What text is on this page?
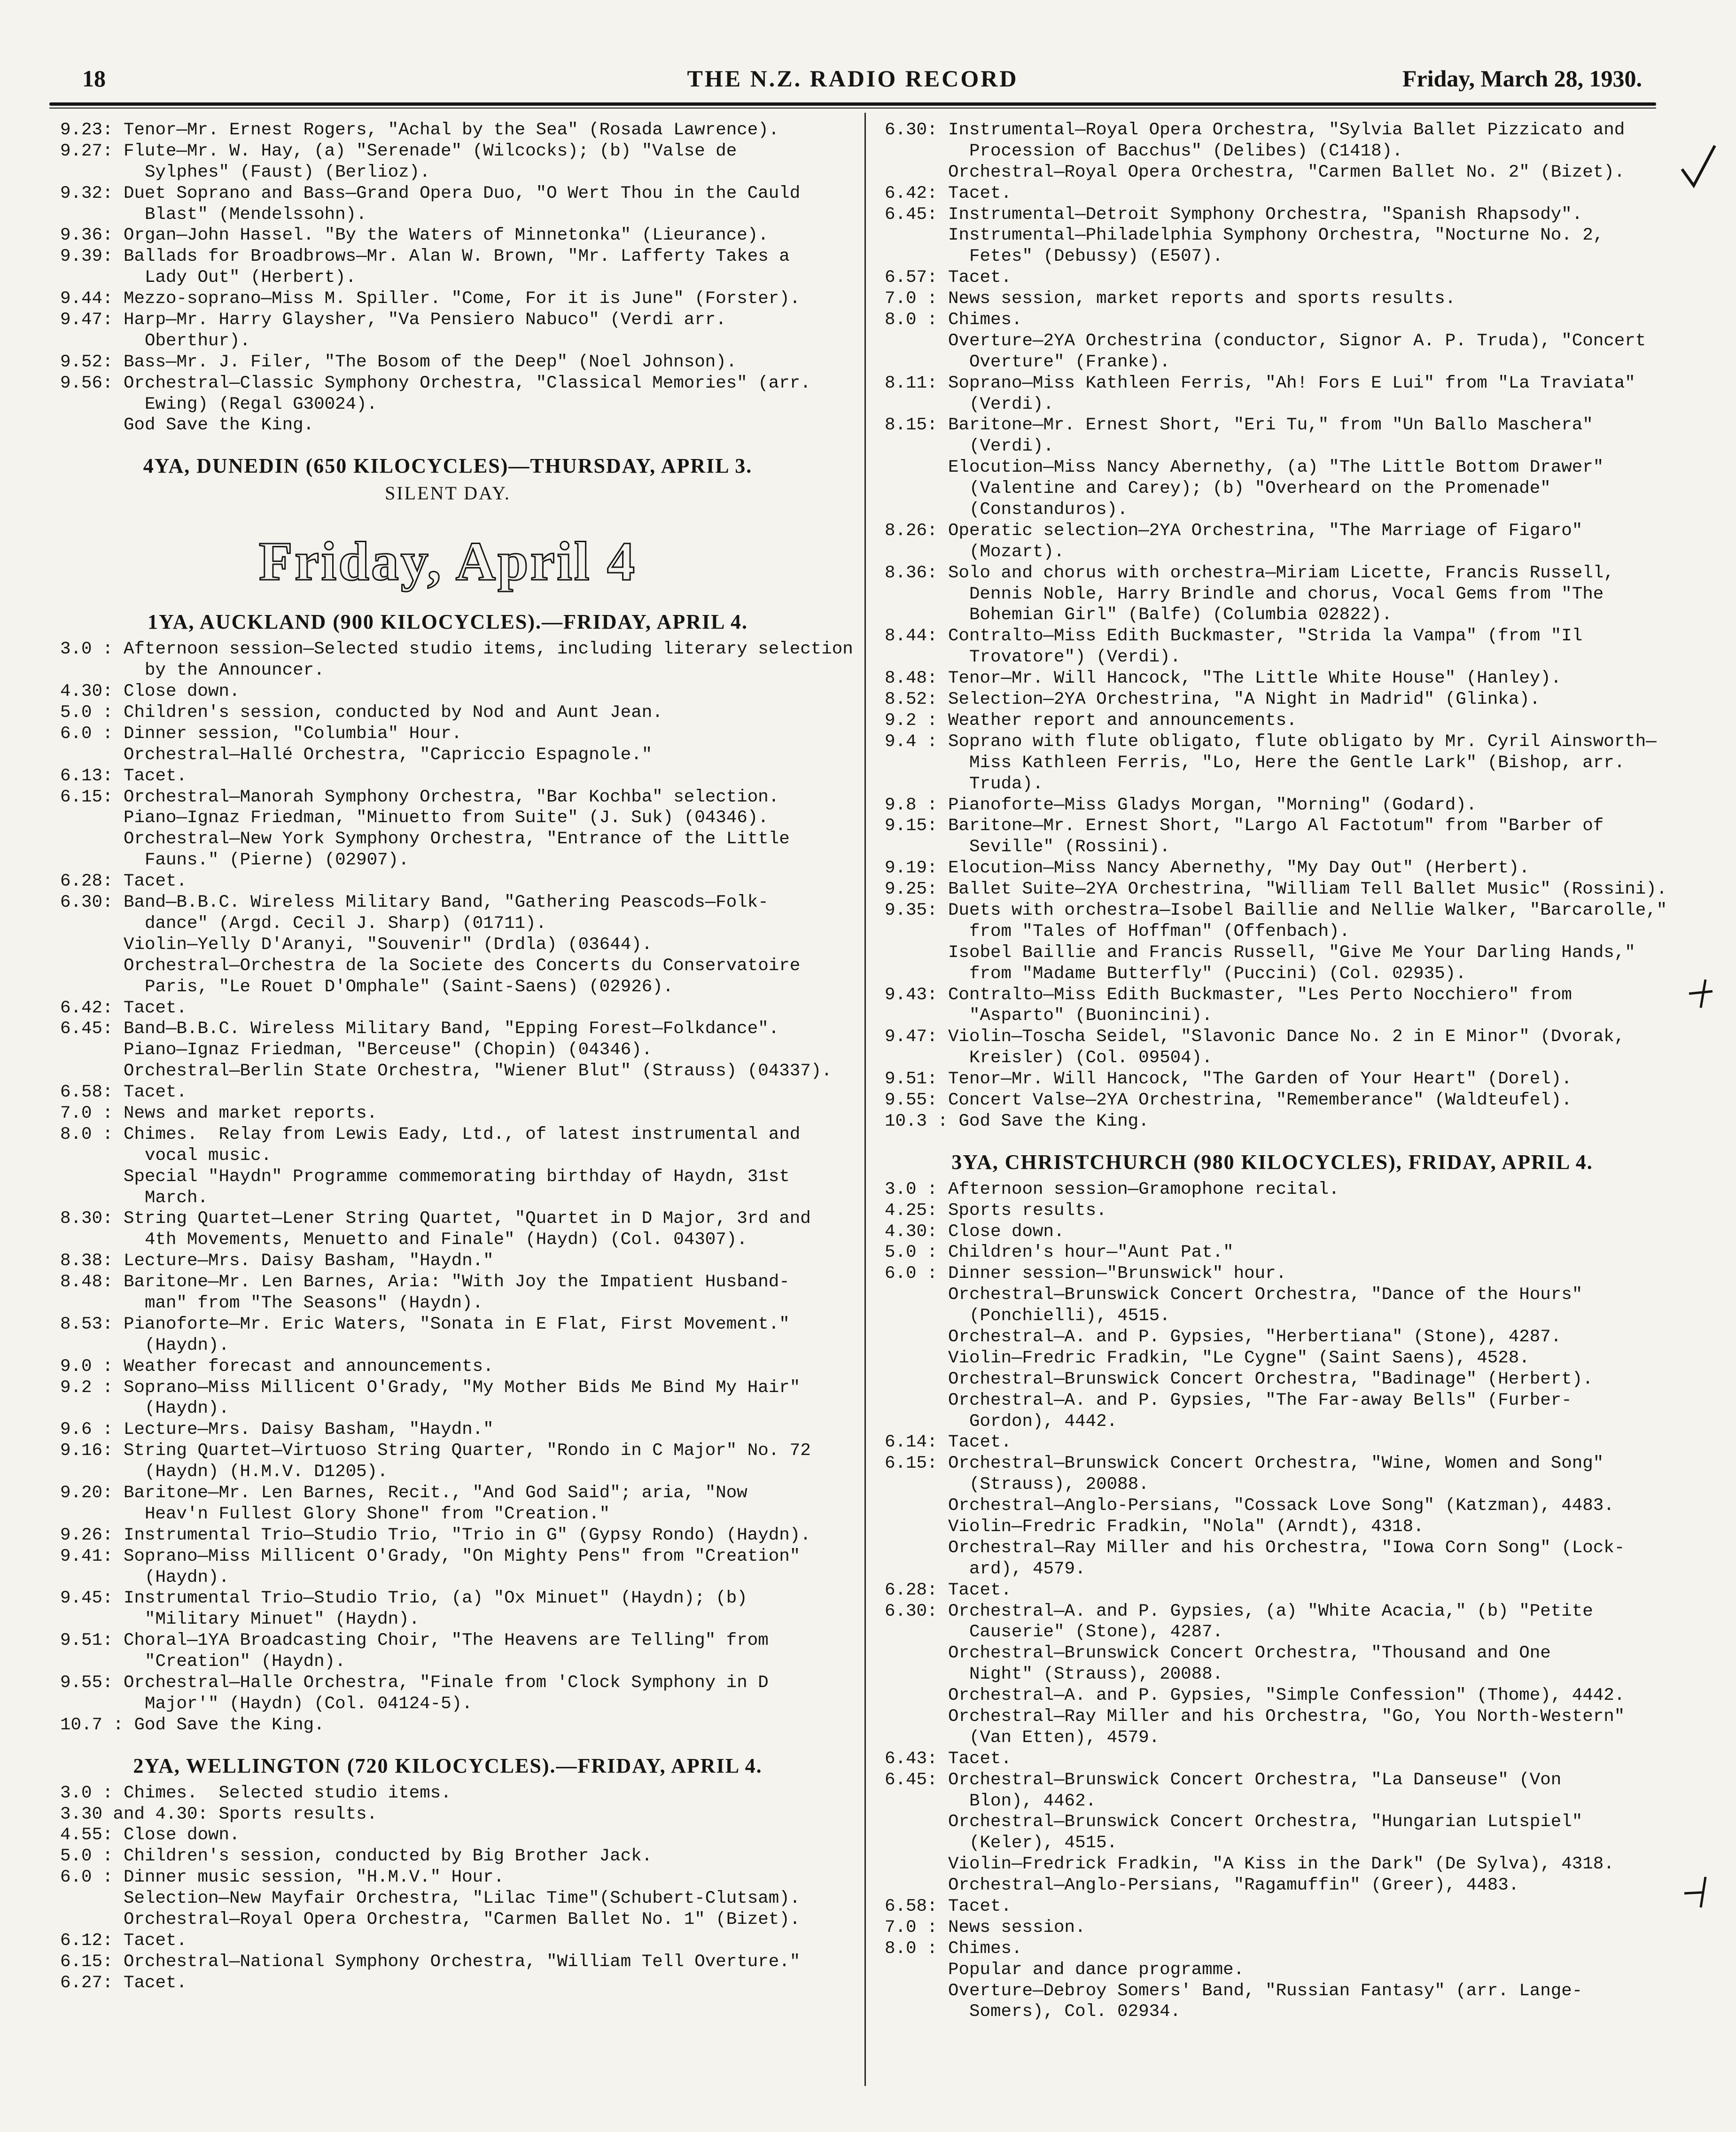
18	THE N.Z. RADIO RECORD	Friday, March 28, 1930.
9.23: Tenor—Mr. Ernest Rogers, "Achal by the Sea" (Rosada Lawrence).
9.27: Flute—Mr. W. Hay, (a) "Serenade" (Wilcocks); (b) "Valse de
Sylphes" (Faust) (Berlioz).
9.32: Duet Soprano and Bass—Grand Opera Duo, "O Wert Thou in the Cauld
Blast" (Mendelssohn).
9.36: Organ—John Hassel. "By the Waters of Minnetonka" (Lieurance).
9.39: Ballads for Broadbrows—Mr. Alan W. Brown, "Mr. Lafferty Takes a
Lady Out" (Herbert).
9.44: Mezzo-soprano—Miss M. Spiller. "Come, For it is June" (Forster).
9.47: Harp—Mr. Harry Glaysher, "Va Pensiero Nabuco" (Verdi arr.
Oberthur).
9.52: Bass—Mr. J. Filer, "The Bosom of the Deep" (Noel Johnson).
9.56: Orchestral—Classic Symphony Orchestra, "Classical Memories" (arr.
Ewing) (Regal G30024).
God Save the King.
4YA, DUNEDIN (650 KILOCYCLES)—THURSDAY, APRIL 3.
SILENT DAY.
Friday, April 4
1YA, AUCKLAND (900 KILOCYCLES).—FRIDAY, APRIL 4.
3.0 : Afternoon session—Selected studio items, including literary selection
by the Announcer.
4.30: Close down.
5.0 : Children's session, conducted by Nod and Aunt Jean.
6.0 : Dinner session, "Columbia" Hour.
Orchestral—Hallé Orchestra, "Capriccio Espagnole."
6.13: Tacet.
6.15: Orchestral—Manorah Symphony Orchestra, "Bar Kochba" selection.
Piano—Ignaz Friedman, "Minuetto from Suite" (J. Suk) (04346).
Orchestral—New York Symphony Orchestra, "Entrance of the Little
Fauns." (Pierne) (02907).
6.28: Tacet.
6.30: Band—B.B.C. Wireless Military Band, "Gathering Peascods—Folk-
dance" (Argd. Cecil J. Sharp) (01711).
Violin—Yelly D'Aranyi, "Souvenir" (Drdla) (03644).
Orchestral—Orchestra de la Societe des Concerts du Conservatoire
Paris, "Le Rouet D'Omphale" (Saint-Saens) (02926).
6.42: Tacet.
6.45: Band—B.B.C. Wireless Military Band, "Epping Forest—Folkdance".
Piano—Ignaz Friedman, "Berceuse" (Chopin) (04346).
Orchestral—Berlin State Orchestra, "Wiener Blut" (Strauss) (04337).
6.58: Tacet.
7.0 : News and market reports.
8.0 : Chimes.  Relay from Lewis Eady, Ltd., of latest instrumental and
vocal music.
Special "Haydn" Programme commemorating birthday of Haydn, 31st
March.
8.30: String Quartet—Lener String Quartet, "Quartet in D Major, 3rd and
4th Movements, Menuetto and Finale" (Haydn) (Col. 04307).
8.38: Lecture—Mrs. Daisy Basham, "Haydn."
8.48: Baritone—Mr. Len Barnes, Aria: "With Joy the Impatient Husband-
man" from "The Seasons" (Haydn).
8.53: Pianoforte—Mr. Eric Waters, "Sonata in E Flat, First Movement."
(Haydn).
9.0 : Weather forecast and announcements.
9.2 : Soprano—Miss Millicent O'Grady, "My Mother Bids Me Bind My Hair"
(Haydn).
9.6 : Lecture—Mrs. Daisy Basham, "Haydn."
9.16: String Quartet—Virtuoso String Quarter, "Rondo in C Major" No. 72
(Haydn) (H.M.V. D1205).
9.20: Baritone—Mr. Len Barnes, Recit., "And God Said"; aria, "Now
Heav'n Fullest Glory Shone" from "Creation."
9.26: Instrumental Trio—Studio Trio, "Trio in G" (Gypsy Rondo) (Haydn).
9.41: Soprano—Miss Millicent O'Grady, "On Mighty Pens" from "Creation"
(Haydn).
9.45: Instrumental Trio—Studio Trio, (a) "Ox Minuet" (Haydn); (b)
"Military Minuet" (Haydn).
9.51: Choral—1YA Broadcasting Choir, "The Heavens are Telling" from
"Creation" (Haydn).
9.55: Orchestral—Halle Orchestra, "Finale from 'Clock Symphony in D
Major'" (Haydn) (Col. 04124-5).
10.7 : God Save the King.
2YA, WELLINGTON (720 KILOCYCLES).—FRIDAY, APRIL 4.
3.0 : Chimes.  Selected studio items.
3.30 and 4.30: Sports results.
4.55: Close down.
5.0 : Children's session, conducted by Big Brother Jack.
6.0 : Dinner music session, "H.M.V." Hour.
Selection—New Mayfair Orchestra, "Lilac Time"(Schubert-Clutsam).
Orchestral—Royal Opera Orchestra, "Carmen Ballet No. 1" (Bizet).
6.12: Tacet.
6.15: Orchestral—National Symphony Orchestra, "William Tell Overture."
6.27: Tacet.
6.30: Instrumental—Royal Opera Orchestra, "Sylvia Ballet Pizzicato and
Procession of Bacchus" (Delibes) (C1418).
Orchestral—Royal Opera Orchestra, "Carmen Ballet No. 2" (Bizet).
6.42: Tacet.
6.45: Instrumental—Detroit Symphony Orchestra, "Spanish Rhapsody".
Instrumental—Philadelphia Symphony Orchestra, "Nocturne No. 2,
Fetes" (Debussy) (E507).
6.57: Tacet.
7.0 : News session, market reports and sports results.
8.0 : Chimes.
Overture—2YA Orchestrina (conductor, Signor A. P. Truda), "Concert
Overture" (Franke).
8.11: Soprano—Miss Kathleen Ferris, "Ah! Fors E Lui" from "La Traviata"
(Verdi).
8.15: Baritone—Mr. Ernest Short, "Eri Tu," from "Un Ballo Maschera"
(Verdi).
Elocution—Miss Nancy Abernethy, (a) "The Little Bottom Drawer"
(Valentine and Carey); (b) "Overheard on the Promenade"
(Constanduros).
8.26: Operatic selection—2YA Orchestrina, "The Marriage of Figaro"
(Mozart).
8.36: Solo and chorus with orchestra—Miriam Licette, Francis Russell,
Dennis Noble, Harry Brindle and chorus, Vocal Gems from "The
Bohemian Girl" (Balfe) (Columbia 02822).
8.44: Contralto—Miss Edith Buckmaster, "Strida la Vampa" (from "Il
Trovatore") (Verdi).
8.48: Tenor—Mr. Will Hancock, "The Little White House" (Hanley).
8.52: Selection—2YA Orchestrina, "A Night in Madrid" (Glinka).
9.2 : Weather report and announcements.
9.4 : Soprano with flute obligato, flute obligato by Mr. Cyril Ainsworth—
Miss Kathleen Ferris, "Lo, Here the Gentle Lark" (Bishop, arr.
Truda).
9.8 : Pianoforte—Miss Gladys Morgan, "Morning" (Godard).
9.15: Baritone—Mr. Ernest Short, "Largo Al Factotum" from "Barber of
Seville" (Rossini).
9.19: Elocution—Miss Nancy Abernethy, "My Day Out" (Herbert).
9.25: Ballet Suite—2YA Orchestrina, "William Tell Ballet Music" (Rossini).
9.35: Duets with orchestra—Isobel Baillie and Nellie Walker, "Barcarolle,"
from "Tales of Hoffman" (Offenbach).
Isobel Baillie and Francis Russell, "Give Me Your Darling Hands,"
from "Madame Butterfly" (Puccini) (Col. 02935).
9.43: Contralto—Miss Edith Buckmaster, "Les Perto Nocchiero" from
"Asparto" (Buonincini).
9.47: Violin—Toscha Seidel, "Slavonic Dance No. 2 in E Minor" (Dvorak,
Kreisler) (Col. 09504).
9.51: Tenor—Mr. Will Hancock, "The Garden of Your Heart" (Dorel).
9.55: Concert Valse—2YA Orchestrina, "Rememberance" (Waldteufel).
10.3 : God Save the King.
3YA, CHRISTCHURCH (980 KILOCYCLES), FRIDAY, APRIL 4.
3.0 : Afternoon session—Gramophone recital.
4.25: Sports results.
4.30: Close down.
5.0 : Children's hour—"Aunt Pat."
6.0 : Dinner session—"Brunswick" hour.
Orchestral—Brunswick Concert Orchestra, "Dance of the Hours"
(Ponchielli), 4515.
Orchestral—A. and P. Gypsies, "Herbertiana" (Stone), 4287.
Violin—Fredric Fradkin, "Le Cygne" (Saint Saens), 4528.
Orchestral—Brunswick Concert Orchestra, "Badinage" (Herbert).
Orchestral—A. and P. Gypsies, "The Far-away Bells" (Furber-
Gordon), 4442.
6.14: Tacet.
6.15: Orchestral—Brunswick Concert Orchestra, "Wine, Women and Song"
(Strauss), 20088.
Orchestral—Anglo-Persians, "Cossack Love Song" (Katzman), 4483.
Violin—Fredric Fradkin, "Nola" (Arndt), 4318.
Orchestral—Ray Miller and his Orchestra, "Iowa Corn Song" (Lock-
ard), 4579.
6.28: Tacet.
6.30: Orchestral—A. and P. Gypsies, (a) "White Acacia," (b) "Petite
Causerie" (Stone), 4287.
Orchestral—Brunswick Concert Orchestra, "Thousand and One
Night" (Strauss), 20088.
Orchestral—A. and P. Gypsies, "Simple Confession" (Thome), 4442.
Orchestral—Ray Miller and his Orchestra, "Go, You North-Western"
(Van Etten), 4579.
6.43: Tacet.
6.45: Orchestral—Brunswick Concert Orchestra, "La Danseuse" (Von
Blon), 4462.
Orchestral—Brunswick Concert Orchestra, "Hungarian Lutspiel"
(Keler), 4515.
Violin—Fredrick Fradkin, "A Kiss in the Dark" (De Sylva), 4318.
Orchestral—Anglo-Persians, "Ragamuffin" (Greer), 4483.
6.58: Tacet.
7.0 : News session.
8.0 : Chimes.
Popular and dance programme.
Overture—Debroy Somers' Band, "Russian Fantasy" (arr. Lange-
Somers), Col. 02934.
